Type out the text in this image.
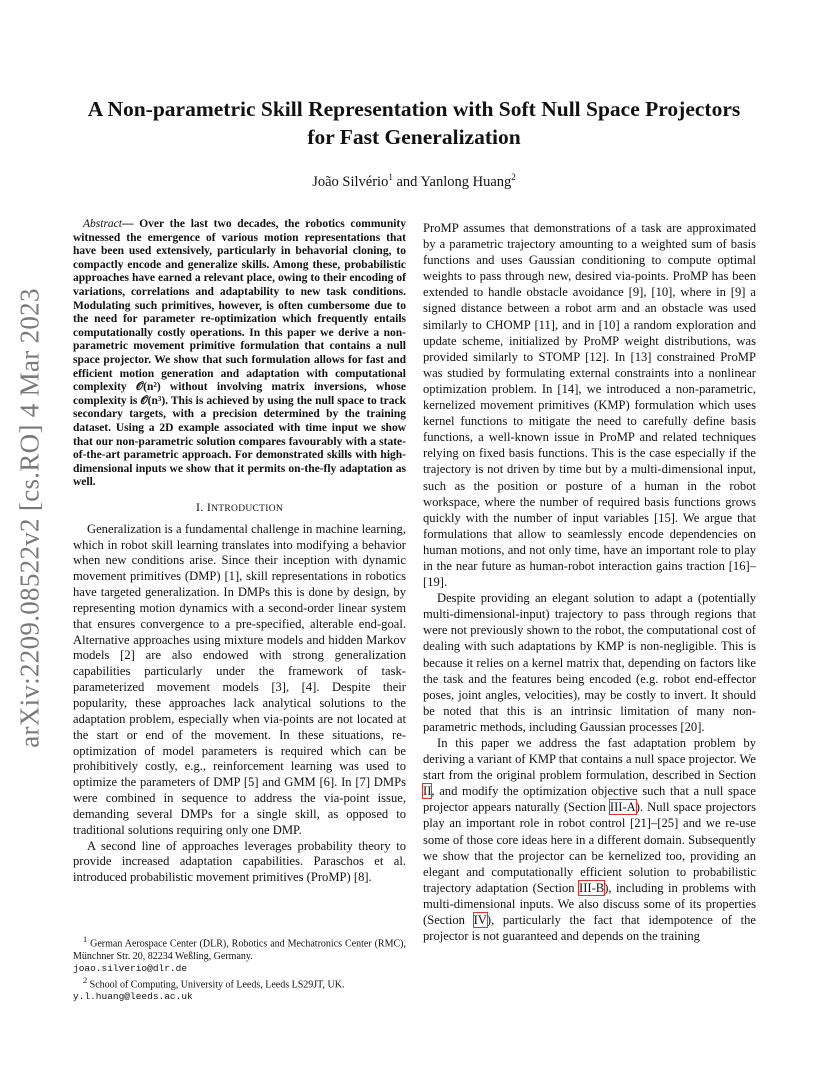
arXiv:2209.08522v2 [cs.RO] 4 Mar 2023
A Non-parametric Skill Representation with Soft Null Space Projectors
for Fast Generalization
João Silvério$^1$ and Yanlong Huang$^2$
Abstract— Over the last two decades, the robotics community witnessed the emergence of various motion representations that have been used extensively, particularly in behavorial cloning, to compactly encode and generalize skills. Among these, probabilistic approaches have earned a relevant place, owing to their encoding of variations, correlations and adaptability to new task conditions. Modulating such primitives, however, is often cumbersome due to the need for parameter re-optimization which frequently entails computationally costly operations. In this paper we derive a non-parametric movement primitive formulation that contains a null space projector. We show that such formulation allows for fast and efficient motion generation and adaptation with computational complexity 𝒪(n²) without involving matrix inversions, whose complexity is 𝒪(n³). This is achieved by using the null space to track secondary targets, with a precision determined by the training dataset. Using a 2D example associated with time input we show that our non-parametric solution compares favourably with a state-of-the-art parametric approach. For demonstrated skills with high-dimensional inputs we show that it permits on-the-fly adaptation as well.
I. INTRODUCTION

Generalization is a fundamental challenge in machine learning, which in robot skill learning translates into modifying a behavior when new conditions arise. Since their inception with dynamic movement primitives (DMP) [1], skill representations in robotics have targeted generalization. In DMPs this is done by design, by representing motion dynamics with a second-order linear system that ensures convergence to a pre-specified, alterable end-goal. Alternative approaches using mixture models and hidden Markov models [2] are also endowed with strong generalization capabilities particularly under the framework of task-parameterized movement models [3], [4]. Despite their popularity, these approaches lack analytical solutions to the adaptation problem, especially when via-points are not located at the start or end of the movement. In these situations, re-optimization of model parameters is required which can be prohibitively costly, e.g., reinforcement learning was used to optimize the parameters of DMP [5] and GMM [6]. In [7] DMPs were combined in sequence to address the via-point issue, demanding several DMPs for a single skill, as opposed to traditional solutions requiring only one DMP.

A second line of approaches leverages probability theory to provide increased adaptation capabilities. Paraschos et al. introduced probabilistic movement primitives (ProMP) [8].

$^1$ German Aerospace Center (DLR), Robotics and Mechatronics Center (RMC), Münchner Str. 20, 82234 Weßling, Germany.
joao.silverio@dlr.de

$^2$ School of Computing, University of Leeds, Leeds LS29JT, UK.
y.l.huang@leeds.ac.uk

ProMP assumes that demonstrations of a task are approximated by a parametric trajectory amounting to a weighted sum of basis functions and uses Gaussian conditioning to compute optimal weights to pass through new, desired via-points. ProMP has been extended to handle obstacle avoidance [9], [10], where in [9] a signed distance between a robot arm and an obstacle was used similarly to CHOMP [11], and in [10] a random exploration and update scheme, initialized by ProMP weight distributions, was provided similarly to STOMP [12]. In [13] constrained ProMP was studied by formulating external constraints into a nonlinear optimization problem. In [14], we introduced a non-parametric, kernelized movement primitives (KMP) formulation which uses kernel functions to mitigate the need to carefully define basis functions, a well-known issue in ProMP and related techniques relying on fixed basis functions. This is the case especially if the trajectory is not driven by time but by a multi-dimensional input, such as the position or posture of a human in the robot workspace, where the number of required basis functions grows quickly with the number of input variables [15]. We argue that formulations that allow to seamlessly encode dependencies on human motions, and not only time, have an important role to play in the near future as human-robot interaction gains traction [16]–[19].

Despite providing an elegant solution to adapt a (potentially multi-dimensional-input) trajectory to pass through regions that were not previously shown to the robot, the computational cost of dealing with such adaptations by KMP is non-negligible. This is because it relies on a kernel matrix that, depending on factors like the task and the features being encoded (e.g. robot end-effector poses, joint angles, velocities), may be costly to invert. It should be noted that this is an intrinsic limitation of many non-parametric methods, including Gaussian processes [20].

In this paper we address the fast adaptation problem by deriving a variant of KMP that contains a null space projector. We start from the original problem formulation, described in Section II, and modify the optimization objective such that a null space projector appears naturally (Section III-A). Null space projectors play an important role in robot control [21]–[25] and we re-use some of those core ideas here in a different domain. Subsequently we show that the projector can be kernelized too, providing an elegant and computationally efficient solution to probabilistic trajectory adaptation (Section III-B), including in problems with multi-dimensional inputs. We also discuss some of its properties (Section IV), particularly the fact that idempotence of the projector is not guaranteed and depends on the training
